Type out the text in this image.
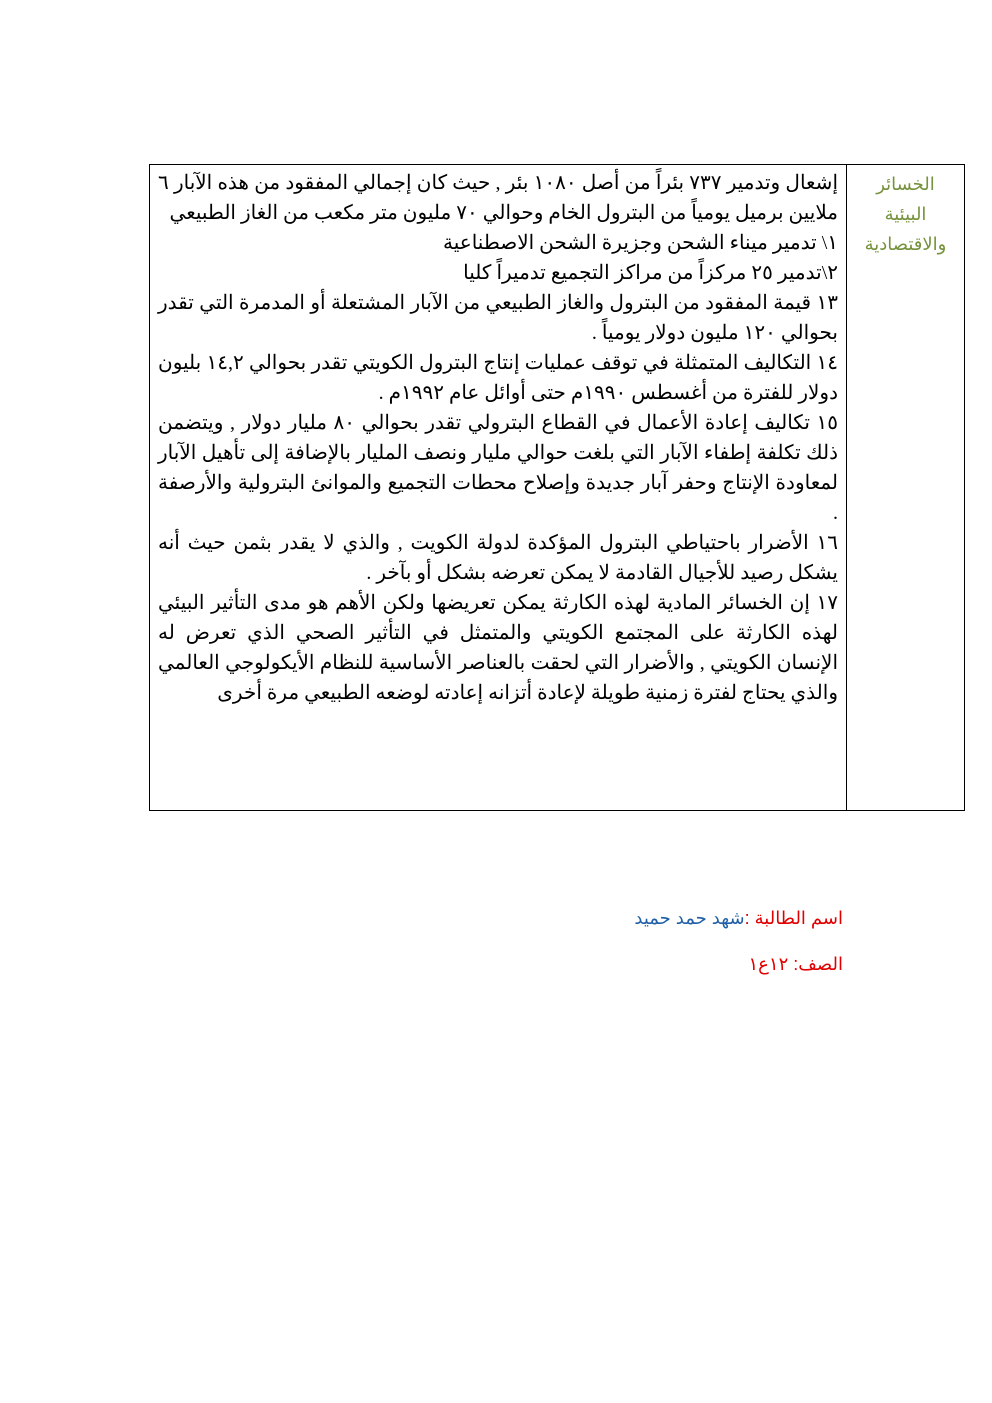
الخسائر
البيئية
والاقتصادية

إشعال وتدمير ٧٣٧ بئراً من أصل ١٠٨٠ بئر , حيث كان إجمالي المفقود من هذه الآبار ٦ ملايين برميل يومياً من البترول الخام وحوالي ٧٠ مليون متر مكعب من الغاز الطبيعي

١\ تدمير ميناء الشحن وجزيرة الشحن الاصطناعية

٢\تدمير ٢٥ مركزاً من مراكز التجميع تدميراً كليا

١٣ قيمة المفقود من البترول والغاز الطبيعي من الآبار المشتعلة أو المدمرة التي تقدر بحوالي ١٢٠ مليون دولار يومياً .

١٤ التكاليف المتمثلة في توقف عمليات إنتاج البترول الكويتي تقدر بحوالي ١٤,٢ بليون دولار للفترة من أغسطس ١٩٩٠م حتى أوائل عام ١٩٩٢م .

١٥ تكاليف إعادة الأعمال في القطاع البترولي تقدر بحوالي ٨٠ مليار دولار , ويتضمن ذلك تكلفة إطفاء الآبار التي بلغت حوالي مليار ونصف المليار بالإضافة إلى تأهيل الآبار لمعاودة الإنتاج وحفر آبار جديدة وإصلاح محطات التجميع والموانئ البترولية والأرصفة .

١٦ الأضرار باحتياطي البترول المؤكدة لدولة الكويت , والذي لا يقدر بثمن حيث أنه يشكل رصيد للأجيال القادمة لا يمكن تعرضه بشكل أو بآخر .

١٧ إن الخسائر المادية لهذه الكارثة يمكن تعريضها ولكن الأهم هو مدى التأثير البيئي لهذه الكارثة على المجتمع الكويتي والمتمثل في التأثير الصحي الذي تعرض له الإنسان الكويتي , والأضرار التي لحقت بالعناصر الأساسية للنظام الأيكولوجي العالمي والذي يحتاج لفترة زمنية طويلة لإعادة أتزانه إعادته لوضعه الطبيعي مرة أخرى

اسم الطالبة :شهد حمد حميد
الصف: ١٢ع١
